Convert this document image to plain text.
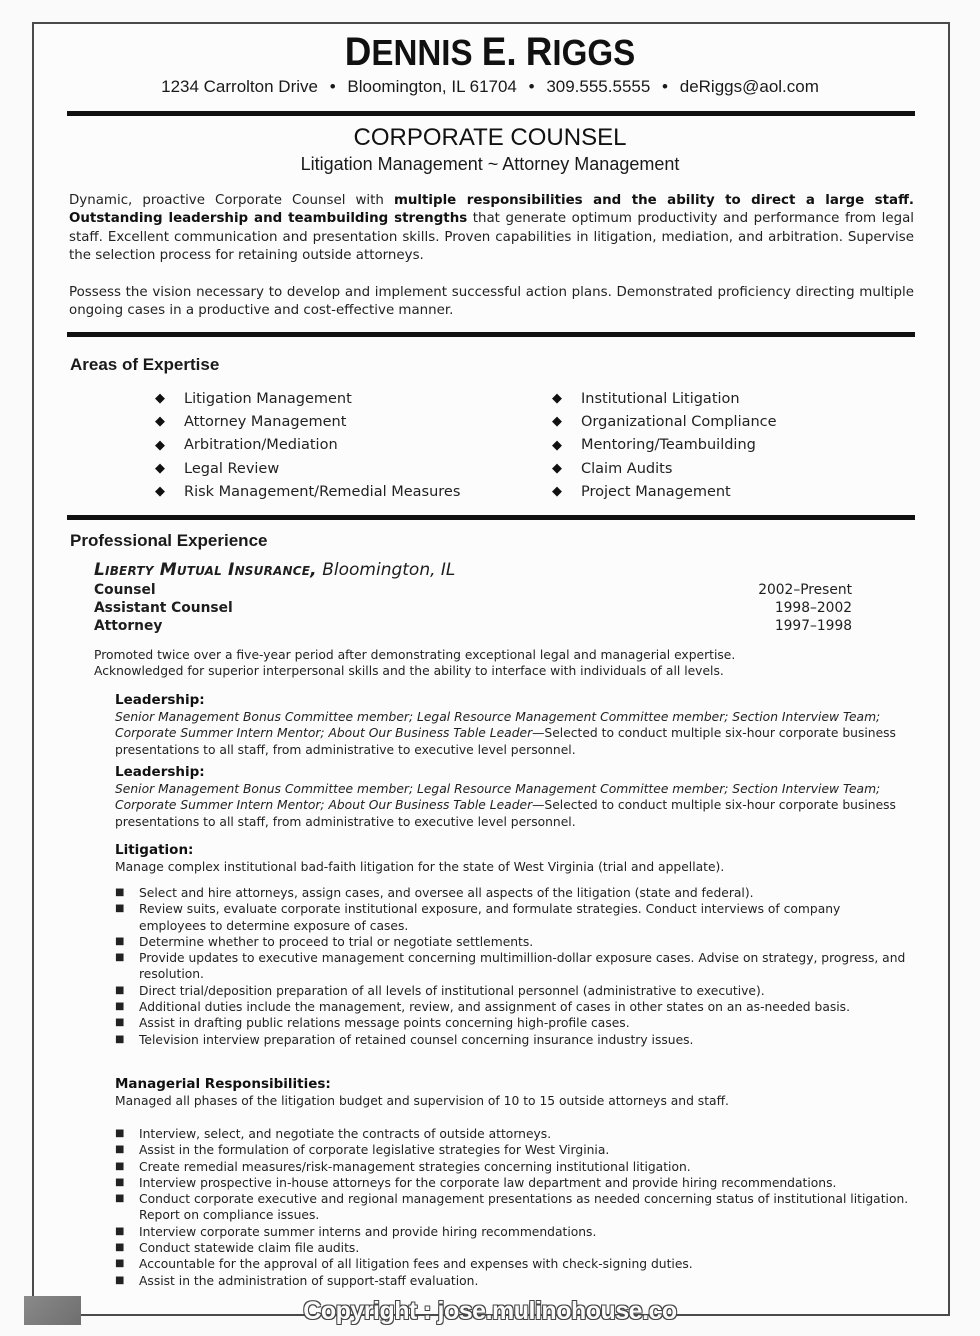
DENNIS E. RIGGS
1234 Carrolton Drive • Bloomington, IL 61704 • 309.555.5555 • deRiggs@aol.com
CORPORATE COUNSEL
Litigation Management ~ Attorney Management
Dynamic, proactive Corporate Counsel with multiple responsibilities and the ability to direct a large staff. Outstanding leadership and teambuilding strengths that generate optimum productivity and performance from legal staff. Excellent communication and presentation skills. Proven capabilities in litigation, mediation, and arbitration. Supervise the selection process for retaining outside attorneys.
Possess the vision necessary to develop and implement successful action plans. Demonstrated proficiency directing multiple ongoing cases in a productive and cost-effective manner.
Areas of Expertise
◆	Litigation Management
◆	Attorney Management
◆	Arbitration/Mediation
◆	Legal Review
◆	Risk Management/Remedial Measures
◆	Institutional Litigation
◆	Organizational Compliance
◆	Mentoring/Teambuilding
◆	Claim Audits
◆	Project Management
Professional Experience
Liberty Mutual Insurance, Bloomington, IL
Counsel	2002–Present
Assistant Counsel	1998–2002
Attorney	1997–1998
Promoted twice over a five-year period after demonstrating exceptional legal and managerial expertise.
Acknowledged for superior interpersonal skills and the ability to interface with individuals of all levels.
Leadership:
Senior Management Bonus Committee member; Legal Resource Management Committee member; Section Interview Team; Corporate Summer Intern Mentor; About Our Business Table Leader—Selected to conduct multiple six-hour corporate business presentations to all staff, from administrative to executive level personnel.
Leadership:
Senior Management Bonus Committee member; Legal Resource Management Committee member; Section Interview Team; Corporate Summer Intern Mentor; About Our Business Table Leader—Selected to conduct multiple six-hour corporate business presentations to all staff, from administrative to executive level personnel.
Litigation:
Manage complex institutional bad-faith litigation for the state of West Virginia (trial and appellate).
■	Select and hire attorneys, assign cases, and oversee all aspects of the litigation (state and federal).
■	Review suits, evaluate corporate institutional exposure, and formulate strategies. Conduct interviews of company employees to determine exposure of cases.
■	Determine whether to proceed to trial or negotiate settlements.
■	Provide updates to executive management concerning multimillion-dollar exposure cases. Advise on strategy, progress, and resolution.
■	Direct trial/deposition preparation of all levels of institutional personnel (administrative to executive).
■	Additional duties include the management, review, and assignment of cases in other states on an as-needed basis.
■	Assist in drafting public relations message points concerning high-profile cases.
■	Television interview preparation of retained counsel concerning insurance industry issues.
Managerial Responsibilities:
Managed all phases of the litigation budget and supervision of 10 to 15 outside attorneys and staff.
■	Interview, select, and negotiate the contracts of outside attorneys.
■	Assist in the formulation of corporate legislative strategies for West Virginia.
■	Create remedial measures/risk-management strategies concerning institutional litigation.
■	Interview prospective in-house attorneys for the corporate law department and provide hiring recommendations.
■	Conduct corporate executive and regional management presentations as needed concerning status of institutional litigation. Report on compliance issues.
■	Interview corporate summer interns and provide hiring recommendations.
■	Conduct statewide claim file audits.
■	Accountable for the approval of all litigation fees and expenses with check-signing duties.
■	Assist in the administration of support-staff evaluation.
Copyright : jose.mulinohouse.co
